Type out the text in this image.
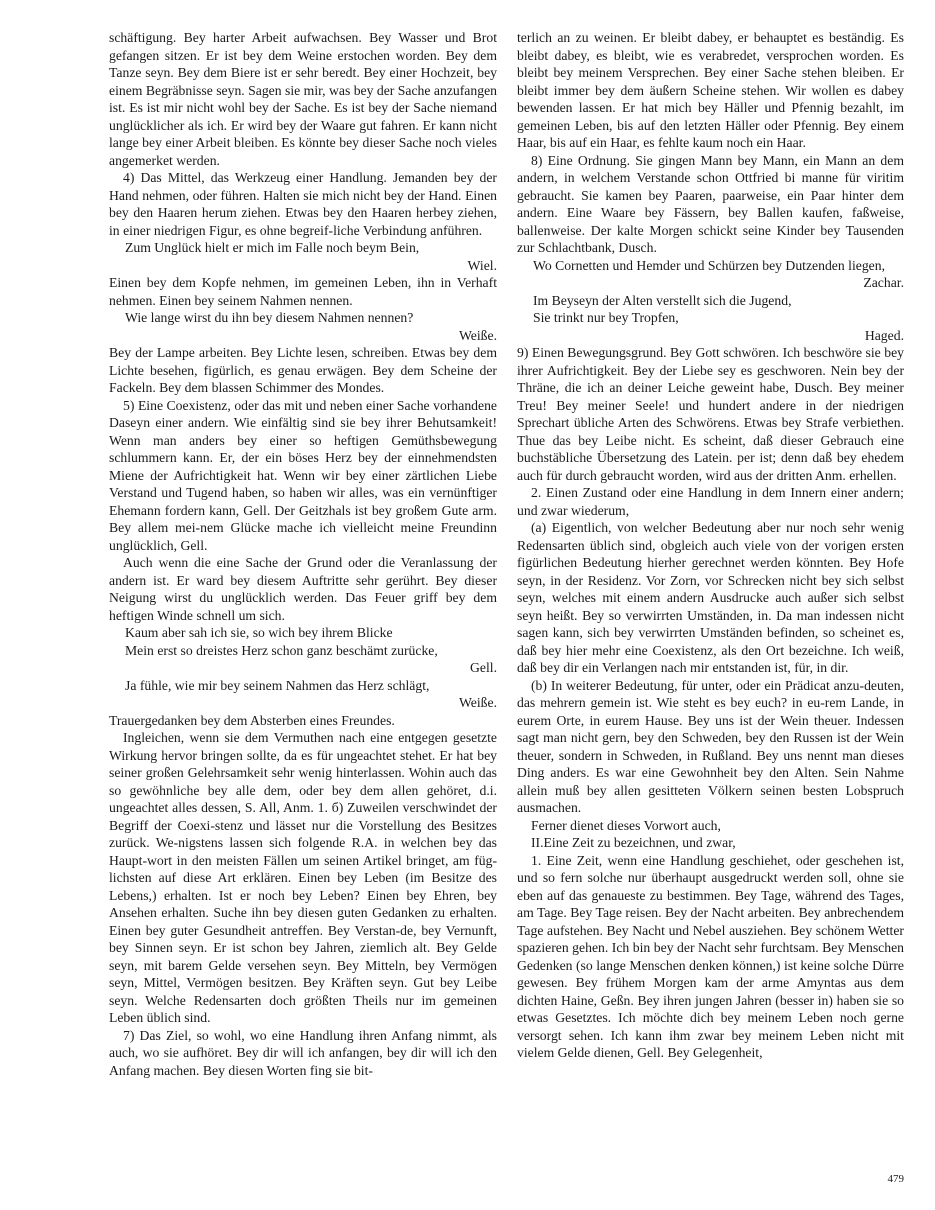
schäftigung. Bey harter Arbeit aufwachsen. Bey Wasser und Brot gefangen sitzen. Er ist bey dem Weine erstochen worden. Bey dem Tanze seyn. Bey dem Biere ist er sehr beredt. Bey einer Hochzeit, bey einem Begräbnisse seyn. Sagen sie mir, was bey der Sache anzufangen ist. Es ist mir nicht wohl bey der Sache. Es ist bey der Sache niemand unglücklicher als ich. Er wird bey der Waare gut fahren. Er kann nicht lange bey einer Arbeit bleiben. Es könnte bey dieser Sache noch vieles angemerket werden.

4) Das Mittel, das Werkzeug einer Handlung. Jemanden bey der Hand nehmen, oder führen. Halten sie mich nicht bey der Hand. Einen bey den Haaren herum ziehen. Etwas bey den Haaren herbey ziehen, in einer niedrigen Figur, es ohne begreif-liche Verbindung anführen.

Zum Unglück hielt er mich im Falle noch beym Bein,

Wiel.

Einen bey dem Kopfe nehmen, im gemeinen Leben, ihn in Verhaft nehmen. Einen bey seinem Nahmen nennen.

Wie lange wirst du ihn bey diesem Nahmen nennen?

Weiße.

Bey der Lampe arbeiten. Bey Lichte lesen, schreiben. Etwas bey dem Lichte besehen, figürlich, es genau erwägen. Bey dem Scheine der Fackeln. Bey dem blassen Schimmer des Mondes.

5) Eine Coexistenz, oder das mit und neben einer Sache vorhandene Daseyn einer andern. Wie einfältig sind sie bey ihrer Behutsamkeit! Wenn man anders bey einer so heftigen Gemüthsbewegung schlummern kann. Er, der ein böses Herz bey der einnehmendsten Miene der Aufrichtigkeit hat. Wenn wir bey einer zärtlichen Liebe Verstand und Tugend haben, so haben wir alles, was ein vernünftiger Ehemann fordern kann, Gell. Der Geitzhals ist bey großem Gute arm. Bey allem mei-nem Glücke mache ich vielleicht meine Freundinn unglücklich, Gell.

Auch wenn die eine Sache der Grund oder die Veranlassung der andern ist. Er ward bey diesem Auftritte sehr gerührt. Bey dieser Neigung wirst du unglücklich werden. Das Feuer griff bey dem heftigen Winde schnell um sich.

Kaum aber sah ich sie, so wich bey ihrem Blicke

Mein erst so dreistes Herz schon ganz beschämt zurücke,

Gell.

Ja fühle, wie mir bey seinem Nahmen das Herz schlägt,

Weiße.

Trauergedanken bey dem Absterben eines Freundes.

Ingleichen, wenn sie dem Vermuthen nach eine entgegen gesetzte Wirkung hervor bringen sollte, da es für ungeachtet stehet. Er hat bey seiner großen Gelehrsamkeit sehr wenig hinterlassen. Wohin auch das so gewöhnliche bey alle dem, oder bey dem allen gehöret, d.i. ungeachtet alles dessen, S. All, Anm. 1. б) Zuweilen verschwindet der Begriff der Coexi-stenz und lässet nur die Vorstellung des Besitzes zurück. We-nigstens lassen sich folgende R.A. in welchen bey das Haupt-wort in den meisten Fällen um seinen Artikel bringet, am füg-lichsten auf diese Art erklären. Einen bey Leben (im Besitze des Lebens,) erhalten. Ist er noch bey Leben? Einen bey Ehren, bey Ansehen erhalten. Suche ihn bey diesen guten Gedanken zu erhalten. Einen bey guter Gesundheit antreffen. Bey Verstan-de, bey Vernunft, bey Sinnen seyn. Er ist schon bey Jahren, ziemlich alt. Bey Gelde seyn, mit barem Gelde versehen seyn. Bey Mitteln, bey Vermögen seyn, Mittel, Vermögen besitzen. Bey Kräften seyn. Gut bey Leibe seyn. Welche Redensarten doch größten Theils nur im gemeinen Leben üblich sind.

7) Das Ziel, so wohl, wo eine Handlung ihren Anfang nimmt, als auch, wo sie aufhöret. Bey dir will ich anfangen, bey dir will ich den Anfang machen. Bey diesen Worten fing sie bit-

terlich an zu weinen. Er bleibt dabey, er behauptet es beständig. Es bleibt dabey, es bleibt, wie es verabredet, versprochen worden. Es bleibt bey meinem Versprechen. Bey einer Sache stehen bleiben. Er bleibt immer bey dem äußern Scheine stehen. Wir wollen es dabey bewenden lassen. Er hat mich bey Häller und Pfennig bezahlt, im gemeinen Leben, bis auf den letzten Häller oder Pfennig. Bey einem Haar, bis auf ein Haar, es fehlte kaum noch ein Haar.

8) Eine Ordnung. Sie gingen Mann bey Mann, ein Mann an dem andern, in welchem Verstande schon Ottfried bi manne für viritim gebraucht. Sie kamen bey Paaren, paarweise, ein Paar hinter dem andern. Eine Waare bey Fässern, bey Ballen kaufen, faßweise, ballenweise. Der kalte Morgen schickt seine Kinder bey Tausenden zur Schlachtbank, Dusch.

Wo Cornetten und Hemder und Schürzen bey Dutzenden liegen,

Zachar.

Im Beyseyn der Alten verstellt sich die Jugend,

Sie trinkt nur bey Tropfen,

Haged.

9) Einen Bewegungsgrund. Bey Gott schwören. Ich beschwöre sie bey ihrer Aufrichtigkeit. Bey der Liebe sey es geschworen. Nein bey der Thräne, die ich an deiner Leiche geweint habe, Dusch. Bey meiner Treu! Bey meiner Seele! und hundert andere in der niedrigen Sprechart übliche Arten des Schwörens. Etwas bey Strafe verbiethen. Thue das bey Leibe nicht. Es scheint, daß dieser Gebrauch eine buchstäbliche Übersetzung des Latein. per ist; denn daß bey ehedem auch für durch gebraucht worden, wird aus der dritten Anm. erhellen.

2. Einen Zustand oder eine Handlung in dem Innern einer andern; und zwar wiederum,

(a) Eigentlich, von welcher Bedeutung aber nur noch sehr wenig Redensarten üblich sind, obgleich auch viele von der vorigen ersten figürlichen Bedeutung hierher gerechnet werden könnten. Bey Hofe seyn, in der Residenz. Vor Zorn, vor Schrecken nicht bey sich selbst seyn, welches mit einem andern Ausdrucke auch außer sich selbst seyn heißt. Bey so verwirrten Umständen, in. Da man indessen nicht sagen kann, sich bey verwirrten Umständen befinden, so scheinet es, daß bey hier mehr eine Coexistenz, als den Ort bezeichne. Ich weiß, daß bey dir ein Verlangen nach mir entstanden ist, für, in dir.

(b) In weiterer Bedeutung, für unter, oder ein Prädicat anzu-deuten, das mehrern gemein ist. Wie steht es bey euch? in eu-rem Lande, in eurem Orte, in eurem Hause. Bey uns ist der Wein theuer. Indessen sagt man nicht gern, bey den Schweden, bey den Russen ist der Wein theuer, sondern in Schweden, in Rußland. Bey uns nennt man dieses Ding anders. Es war eine Gewohnheit bey den Alten. Sein Nahme allein muß bey allen gesitteten Völkern seinen besten Lobspruch ausmachen.

Ferner dienet dieses Vorwort auch,

II.Eine Zeit zu bezeichnen, und zwar,

1. Eine Zeit, wenn eine Handlung geschiehet, oder geschehen ist, und so fern solche nur überhaupt ausgedruckt werden soll, ohne sie eben auf das genaueste zu bestimmen. Bey Tage, während des Tages, am Tage. Bey Tage reisen. Bey der Nacht arbeiten. Bey anbrechendem Tage aufstehen. Bey Nacht und Nebel ausziehen. Bey schönem Wetter spazieren gehen. Ich bin bey der Nacht sehr furchtsam. Bey Menschen Gedenken (so lange Menschen denken können,) ist keine solche Dürre gewesen. Bey frühem Morgen kam der arme Amyntas aus dem dichten Haine, Geßn. Bey ihren jungen Jahren (besser in) haben sie so etwas Gesetztes. Ich möchte dich bey meinem Leben noch gerne versorgt sehen. Ich kann ihm zwar bey meinem Leben nicht mit vielem Gelde dienen, Gell. Bey Gelegenheit,

479
